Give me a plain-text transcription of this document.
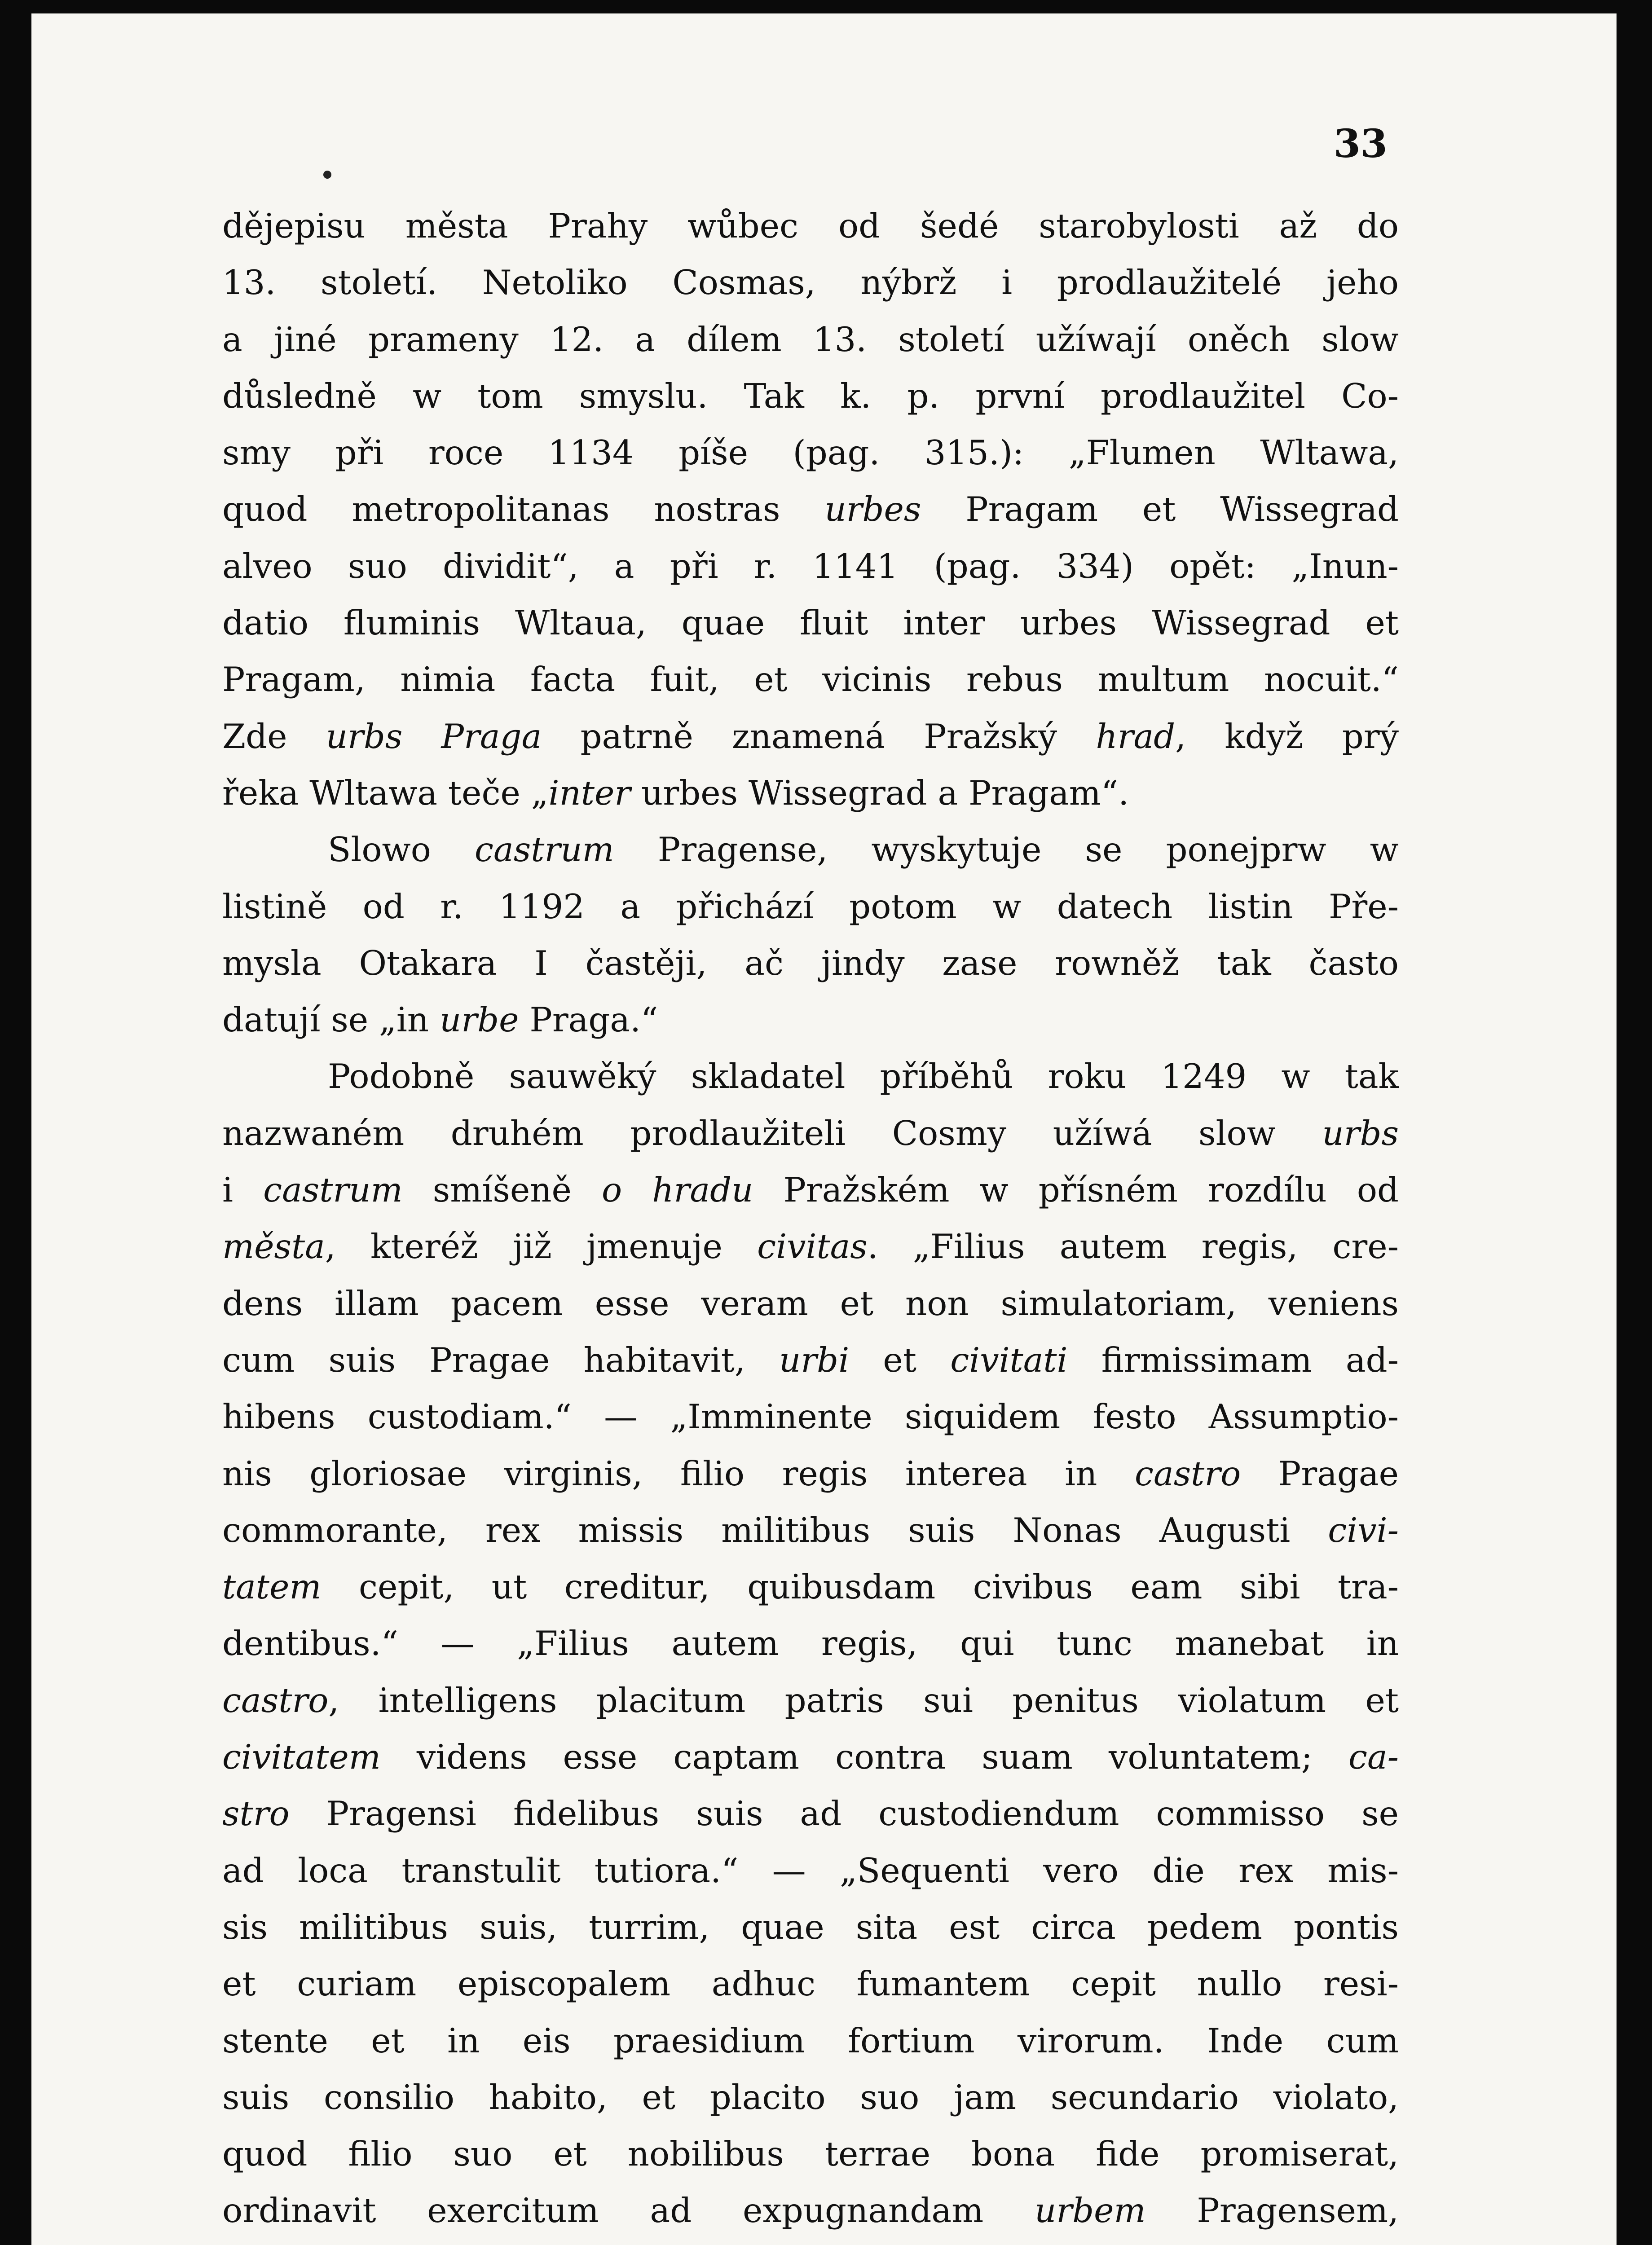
33
dějepisu města Prahy wůbec od šedé starobylosti až do
13. století. Netoliko Cosmas, nýbrž i prodlaužitelé jeho
a jiné prameny 12. a dílem 13. století užíwají oněch slow
důsledně w tom smyslu. Tak k. p. první prodlaužitel Co-
smy při roce 1134 píše (pag. 315.): „Flumen Wltawa,
quod metropolitanas nostras urbes Pragam et Wissegrad
alveo suo dividit“, a při r. 1141 (pag. 334) opět: „Inun-
datio fluminis Wltaua, quae fluit inter urbes Wissegrad et
Pragam, nimia facta fuit, et vicinis rebus multum nocuit.“
Zde urbs Praga patrně znamená Pražský hrad, když prý
řeka Wltawa teče „inter urbes Wissegrad a Pragam“.
Slowo castrum Pragense, wyskytuje se ponejprw w
listině od r. 1192 a přichází potom w datech listin Pře-
mysla Otakara I častěji, ač jindy zase rowněž tak často
datují se „in urbe Praga.“
Podobně sauwěký skladatel příběhů roku 1249 w tak
nazwaném druhém prodlaužiteli Cosmy užíwá slow urbs
i castrum smíšeně o hradu Pražském w přísném rozdílu od
města, kteréž již jmenuje civitas. „Filius autem regis, cre-
dens illam pacem esse veram et non simulatoriam, veniens
cum suis Pragae habitavit, urbi et civitati firmissimam ad-
hibens custodiam.“ — „Imminente siquidem festo Assumptio-
nis gloriosae virginis, filio regis interea in castro Pragae
commorante, rex missis militibus suis Nonas Augusti civi-
tatem cepit, ut creditur, quibusdam civibus eam sibi tra-
dentibus.“ — „Filius autem regis, qui tunc manebat in
castro, intelligens placitum patris sui penitus violatum et
civitatem videns esse captam contra suam voluntatem; ca-
stro Pragensi fidelibus suis ad custodiendum commisso se
ad loca transtulit tutiora.“ — „Sequenti vero die rex mis-
sis militibus suis, turrim, quae sita est circa pedem pontis
et curiam episcopalem adhuc fumantem cepit nullo resi-
stente et in eis praesidium fortium virorum. Inde cum
suis consilio habito, et placito suo jam secundario violato,
quod filio suo et nobilibus terrae bona fide promiserat,
ordinavit exercitum ad expugnandam urbem Pragensem,
